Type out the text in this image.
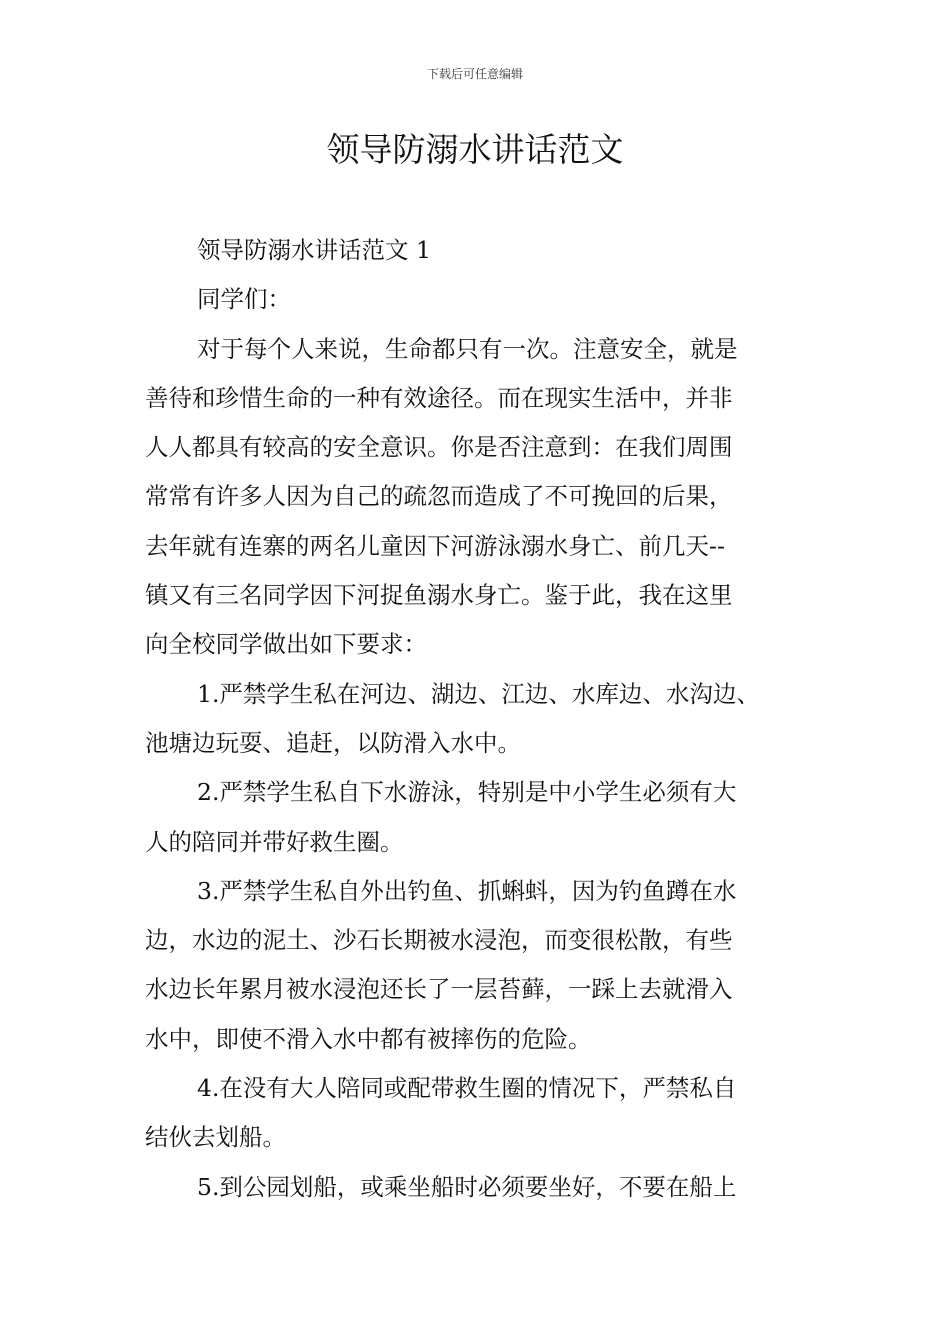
下载后可任意编辑
领导防溺水讲话范文

领导防溺水讲话范文 1

同学们：

对于每个人来说，生命都只有一次。注意安全，就是
善待和珍惜生命的一种有效途径。而在现实生活中，并非
人人都具有较高的安全意识。你是否注意到：在我们周围
常常有许多人因为自己的疏忽而造成了不可挽回的后果，
去年就有连寨的两名儿童因下河游泳溺水身亡、前几天--
镇又有三名同学因下河捉鱼溺水身亡。鉴于此，我在这里
向全校同学做出如下要求：

1.严禁学生私在河边、湖边、江边、水库边、水沟边、
池塘边玩耍、追赶，以防滑入水中。

2.严禁学生私自下水游泳，特别是中小学生必须有大
人的陪同并带好救生圈。

3.严禁学生私自外出钓鱼、抓蝌蚪，因为钓鱼蹲在水
边，水边的泥土、沙石长期被水浸泡，而变很松散，有些
水边长年累月被水浸泡还长了一层苔藓，一踩上去就滑入
水中，即使不滑入水中都有被摔伤的危险。

4.在没有大人陪同或配带救生圈的情况下，严禁私自
结伙去划船。

5.到公园划船，或乘坐船时必须要坐好，不要在船上
